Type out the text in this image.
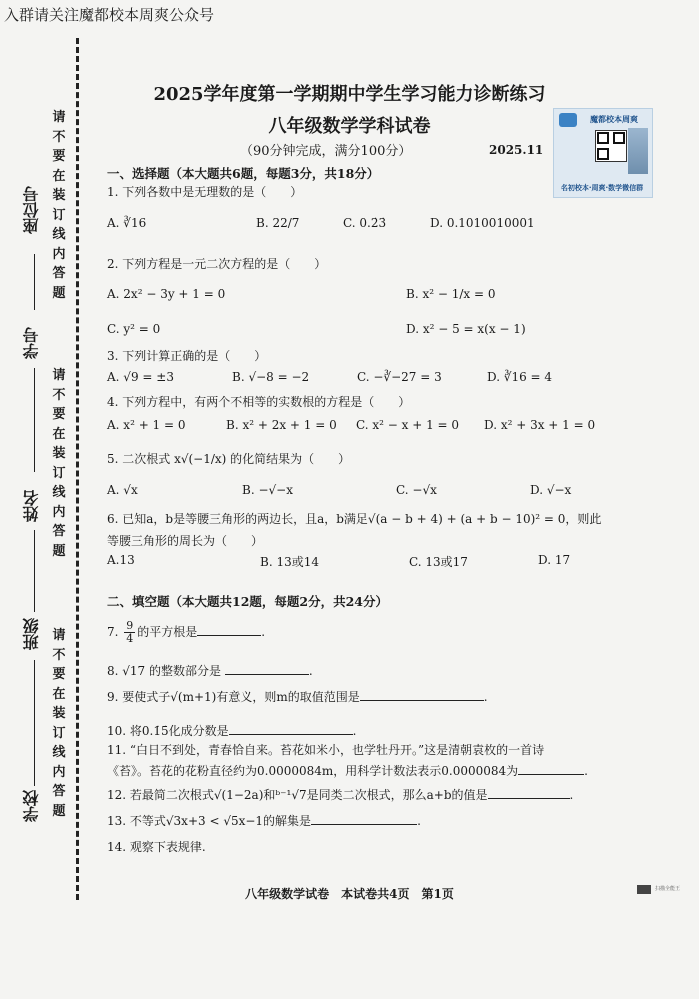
入群请关注魔都校本周爽公众号
座位号
学号
姓名
班级
学校
请
不
要
在
装
订
线
内
答
题
请
不
要
在
装
订
线
内
答
题
请
不
要
在
装
订
线
内
答
题
2025学年度第一学期期中学生学习能力诊断练习
八年级数学学科试卷
（90分钟完成，满分100分）	2025.11
魔都校本周爽
名初校本·周爽·数学微信群
一、选择题（本大题共6题，每题3分，共18分）
1. 下列各数中是无理数的是（　　）
A. ∛16	B. 22/7	C. 0.2̇3̇	D. 0.1010010001
2. 下列方程是一元二次方程的是（　　）
A. 2x² − 3y + 1 = 0	B. x² − 1/x = 0
C. y² = 0	D. x² − 5 = x(x − 1)
3. 下列计算正确的是（　　）
A. √9 = ±3	B. √−8 = −2	C. −∛−27 = 3	D. ∛16 = 4
4. 下列方程中，有两个不相等的实数根的方程是（　　）
A. x² + 1 = 0	B. x² + 2x + 1 = 0 C. x² − x + 1 = 0 D. x² + 3x + 1 = 0
5. 二次根式 x√(−1/x) 的化简结果为（　　）
A. √x	B. −√−x	C. −√x	D. √−x
6. 已知a，b是等腰三角形的两边长，且a，b满足√(a − b + 4) + (a + b − 10)² = 0，则此
等腰三角形的周长为（　　）
A.13	B. 13或14	C. 13或17	D. 17
二、填空题（本大题共12题，每题2分，共24分）
7. $\frac{9}{4}$ 的平方根是	.
8. √17 的整数部分是	.
9. 要使式子√(m+1)有意义，则m的取值范围是	.
10. 将0.1̇5̇化成分数是	.
11. “白日不到处，青春恰自来。苔花如米小，也学牡丹开。”这是清朝袁枚的一首诗
《苔》。苔花的花粉直径约为0.0000084m，用科学计数法表示0.0000084为	.
12. 若最简二次根式√(1−2a)和ᵇ⁻¹√7是同类二次根式，那么a+b的值是	.
13. 不等式√3x+3 < √5x−1的解集是	.
14. 观察下表规律.
八年级数学试卷　本试卷共4页　第1页	扫描全能王
